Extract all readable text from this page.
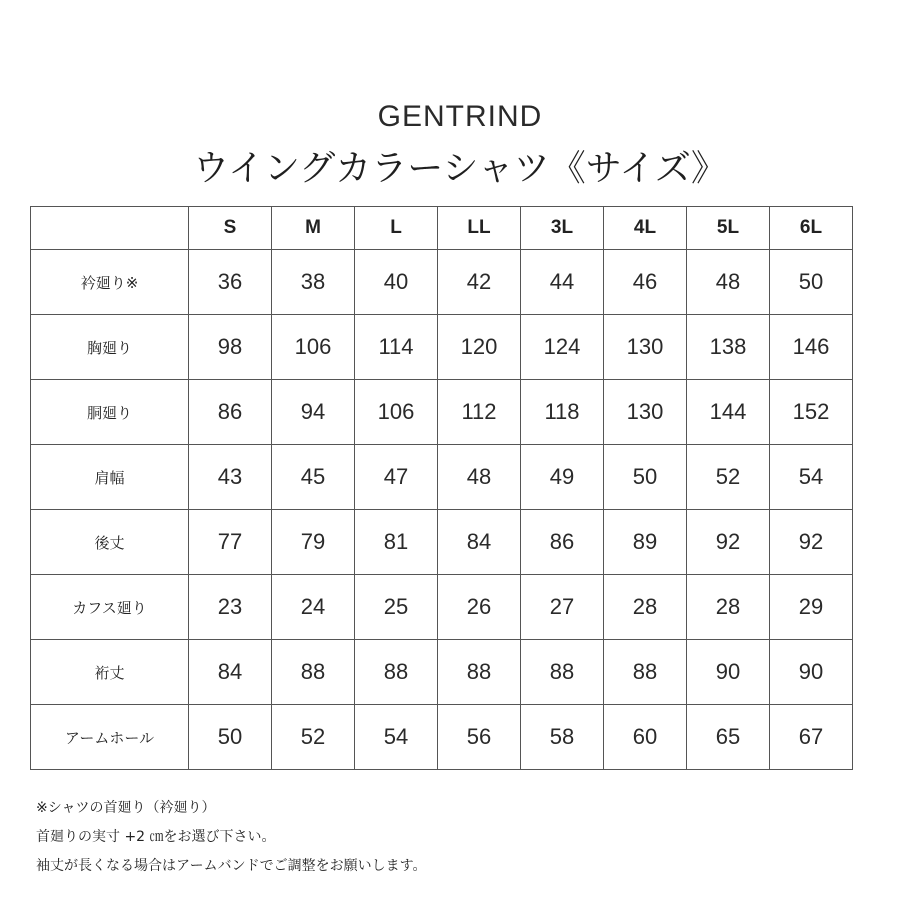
GENTRIND
ウイングカラーシャツ《サイズ》
	S	M	L	LL	3L	4L	5L	6L
衿廻り※	36	38	40	42	44	46	48	50
胸廻り	98	106	114	120	124	130	138	146
胴廻り	86	94	106	112	118	130	144	152
肩幅	43	45	47	48	49	50	52	54
後丈	77	79	81	84	86	89	92	92
カフス廻り	23	24	25	26	27	28	28	29
裄丈	84	88	88	88	88	88	90	90
アームホール	50	52	54	56	58	60	65	67
※シャツの首廻り（衿廻り）
首廻りの実寸 +2 ㎝をお選び下さい。
袖丈が長くなる場合はアームバンドでご調整をお願いします。
